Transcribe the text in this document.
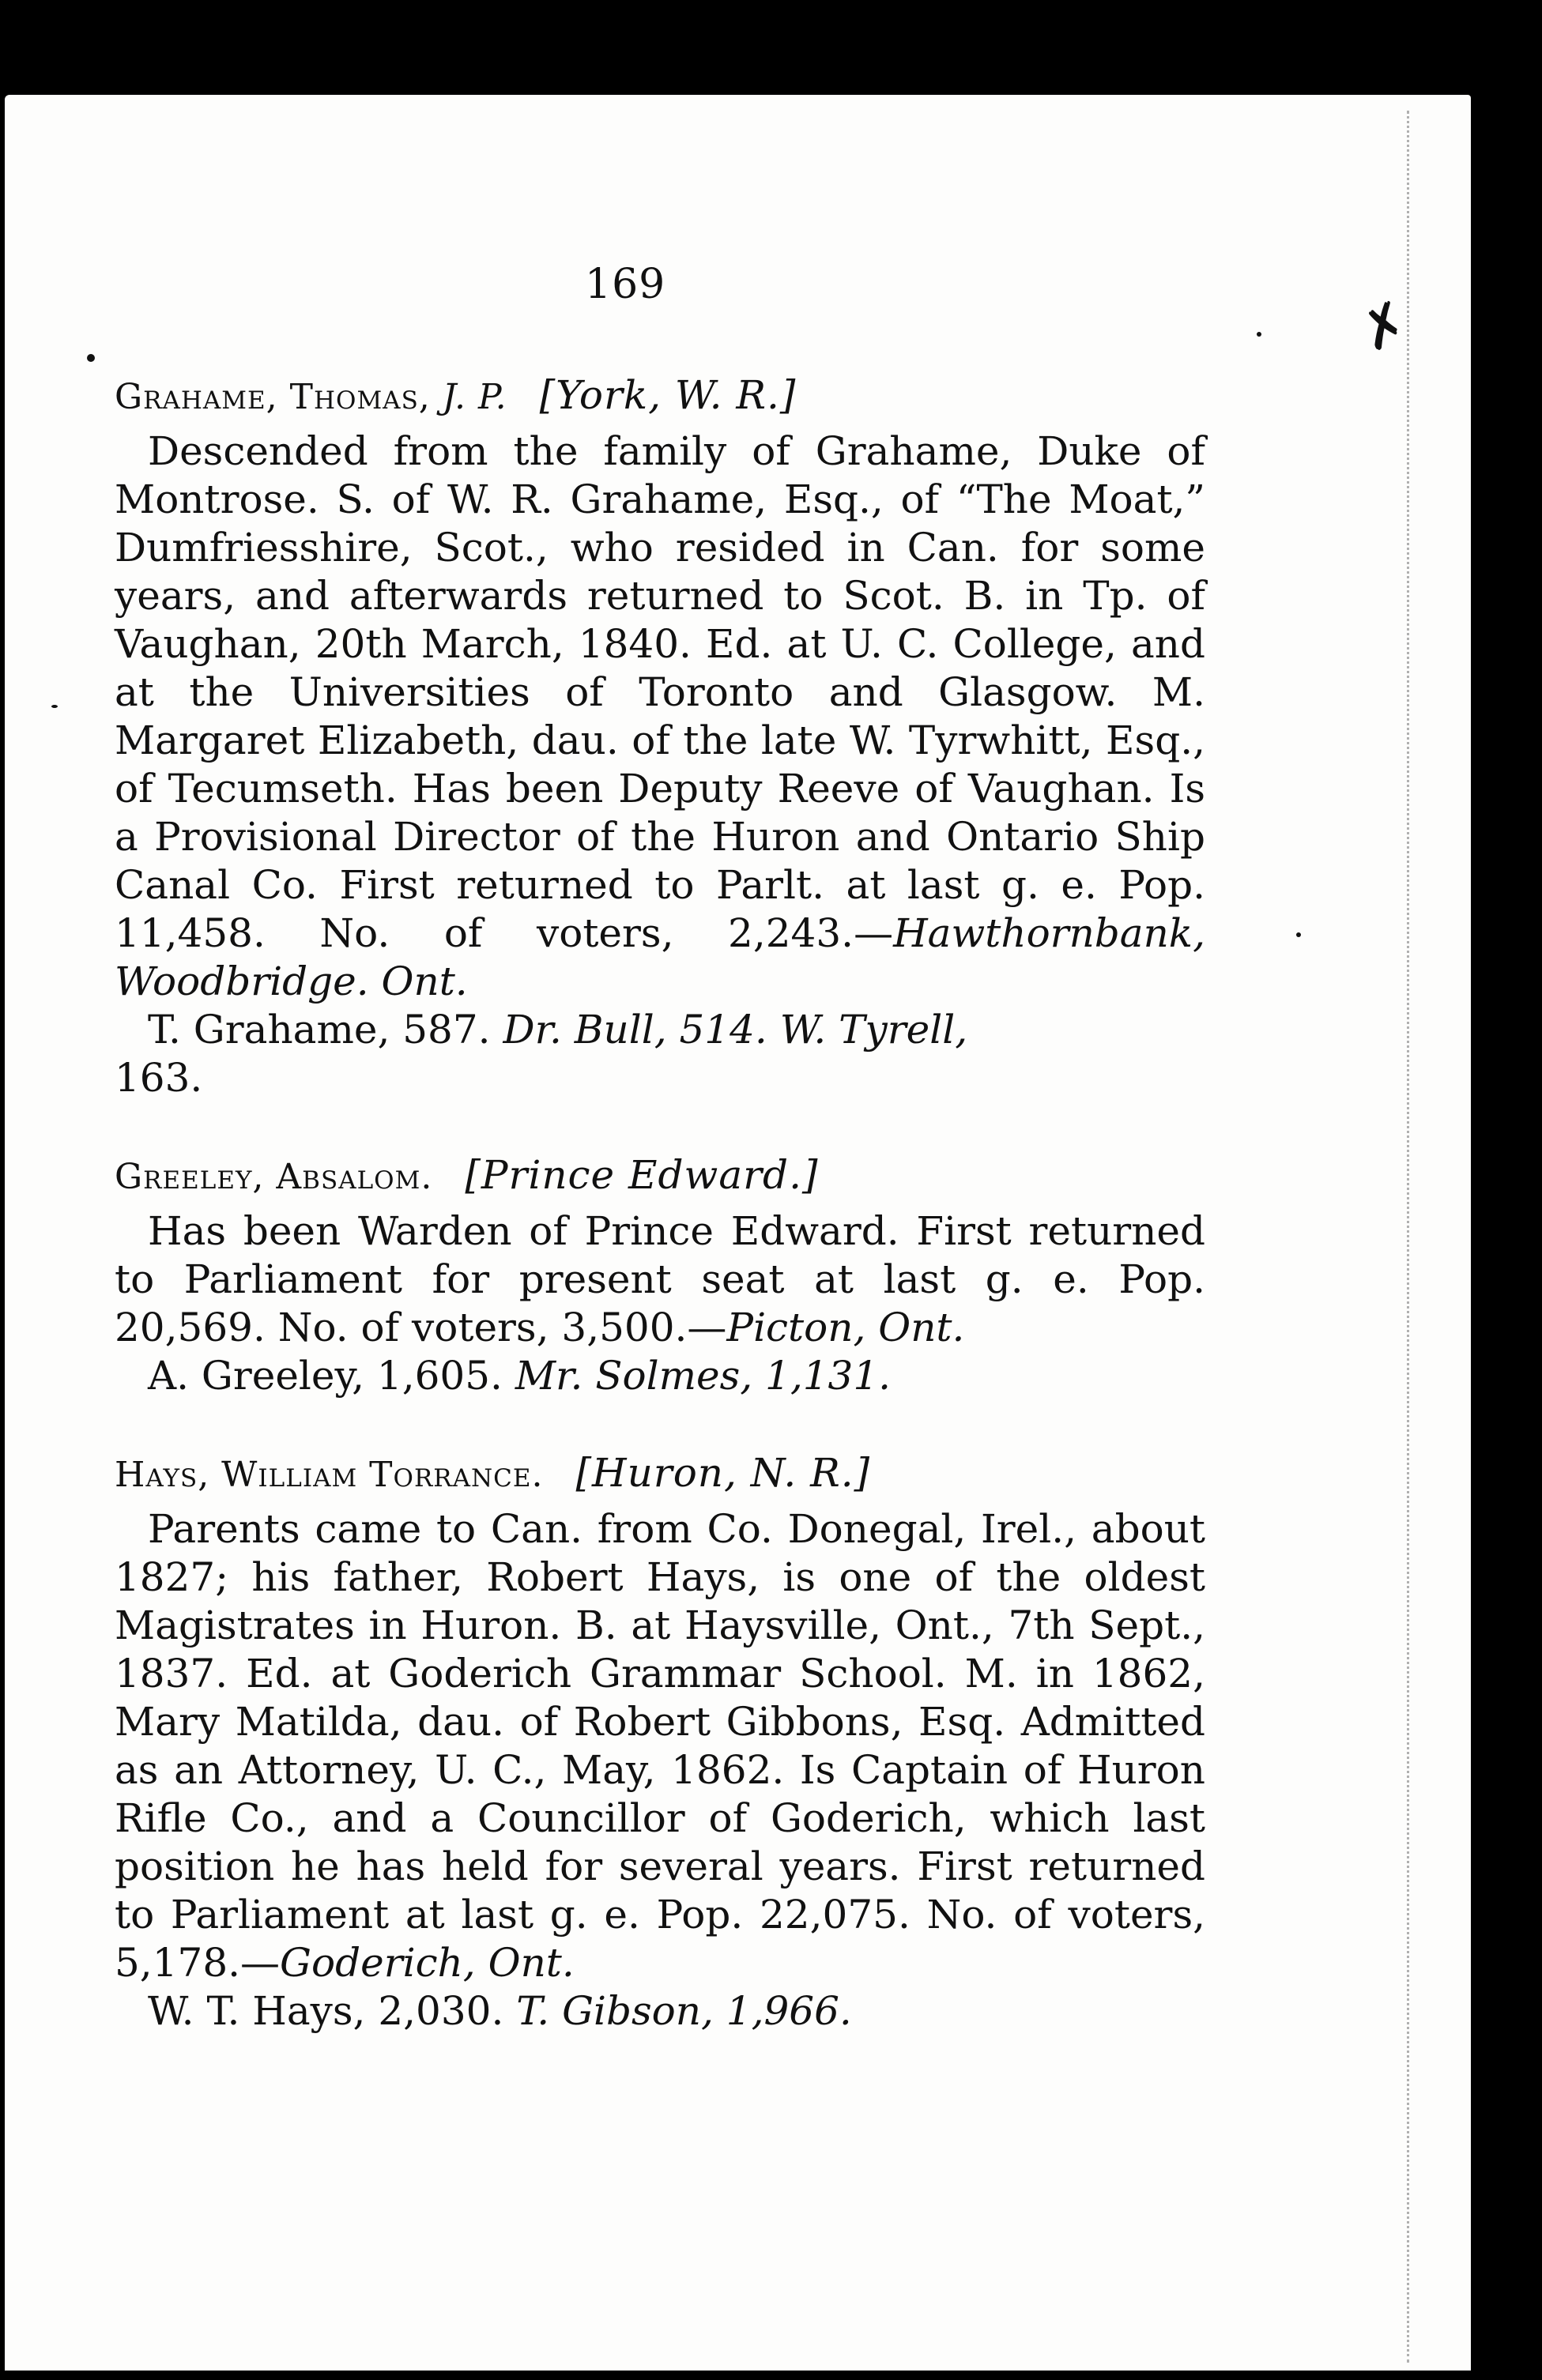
169
✗
Grahame, Thomas, J. P. [York, W. R.]

Descended from the family of Grahame, Duke of Montrose. S. of W. R. Grahame, Esq., of “The Moat,” Dumfriesshire, Scot., who resided in Can. for some years, and afterwards returned to Scot. B. in Tp. of Vaughan, 20th March, 1840. Ed. at U. C. College, and at the Universities of Toronto and Glasgow. M. Margaret Elizabeth, dau. of the late W. Tyrwhitt, Esq., of Tecumseth. Has been Deputy Reeve of Vaughan. Is a Provisional Director of the Huron and Ontario Ship Canal Co. First returned to Parlt. at last g. e. Pop. 11,458. No. of voters, 2,243.—Hawthornbank, Woodbridge. Ont.

T. Grahame, 587. Dr. Bull, 514. W. Tyrell,
163.

Greeley, Absalom. [Prince Edward.]

Has been Warden of Prince Edward. First returned to Parliament for present seat at last g. e. Pop. 20,569. No. of voters, 3,500.—Picton, Ont.

A. Greeley, 1,605. Mr. Solmes, 1,131.

Hays, William Torrance. [Huron, N. R.]

Parents came to Can. from Co. Donegal, Irel., about 1827; his father, Robert Hays, is one of the oldest Magistrates in Huron. B. at Haysville, Ont., 7th Sept., 1837. Ed. at Goderich Grammar School. M. in 1862, Mary Matilda, dau. of Robert Gibbons, Esq. Admitted as an Attorney, U. C., May, 1862. Is Captain of Huron Rifle Co., and a Councillor of Goderich, which last position he has held for several years. First returned to Parliament at last g. e. Pop. 22,075. No. of voters, 5,178.—Goderich, Ont.

W. T. Hays, 2,030. T. Gibson, 1,966.
